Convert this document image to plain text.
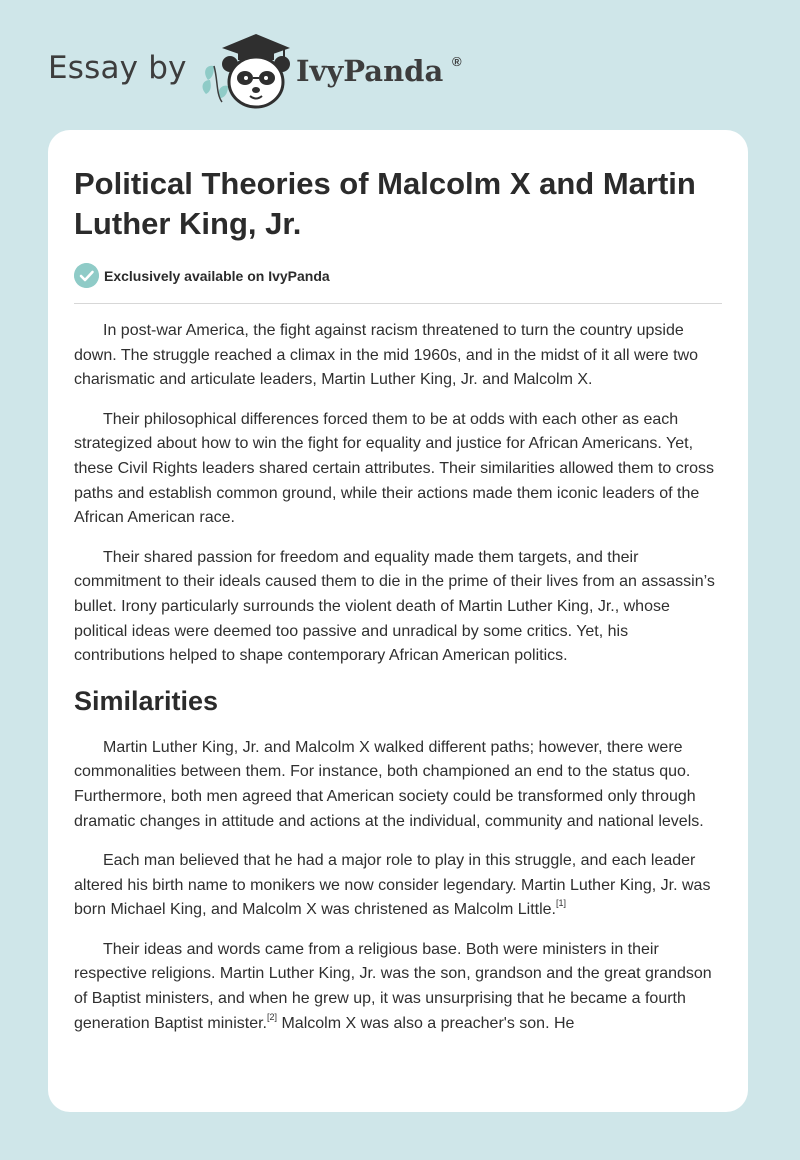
Essay by	IvyPanda ®
Political Theories of Malcolm X and Martin Luther King, Jr.
Exclusively available on IvyPanda

In post-war America, the fight against racism threatened to turn the country upside down. The struggle reached a climax in the mid 1960s, and in the midst of it all were two charismatic and articulate leaders, Martin Luther King, Jr. and Malcolm X.

Their philosophical differences forced them to be at odds with each other as each strategized about how to win the fight for equality and justice for African Americans. Yet, these Civil Rights leaders shared certain attributes. Their similarities allowed them to cross paths and establish common ground, while their actions made them iconic leaders of the African American race.

Their shared passion for freedom and equality made them targets, and their commitment to their ideals caused them to die in the prime of their lives from an assassin’s bullet. Irony particularly surrounds the violent death of Martin Luther King, Jr., whose political ideas were deemed too passive and unradical by some critics. Yet, his contributions helped to shape contemporary African American politics.

Similarities

Martin Luther King, Jr. and Malcolm X walked different paths; however, there were commonalities between them. For instance, both championed an end to the status quo. Furthermore, both men agreed that American society could be transformed only through dramatic changes in attitude and actions at the individual, community and national levels.

Each man believed that he had a major role to play in this struggle, and each leader altered his birth name to monikers we now consider legendary. Martin Luther King, Jr. was born Michael King, and Malcolm X was christened as Malcolm Little.[1]

Their ideas and words came from a religious base. Both were ministers in their respective religions. Martin Luther King, Jr. was the son, grandson and the great grandson of Baptist ministers, and when he grew up, it was unsurprising that he became a fourth generation Baptist minister.[2] Malcolm X was also a preacher's son. He
